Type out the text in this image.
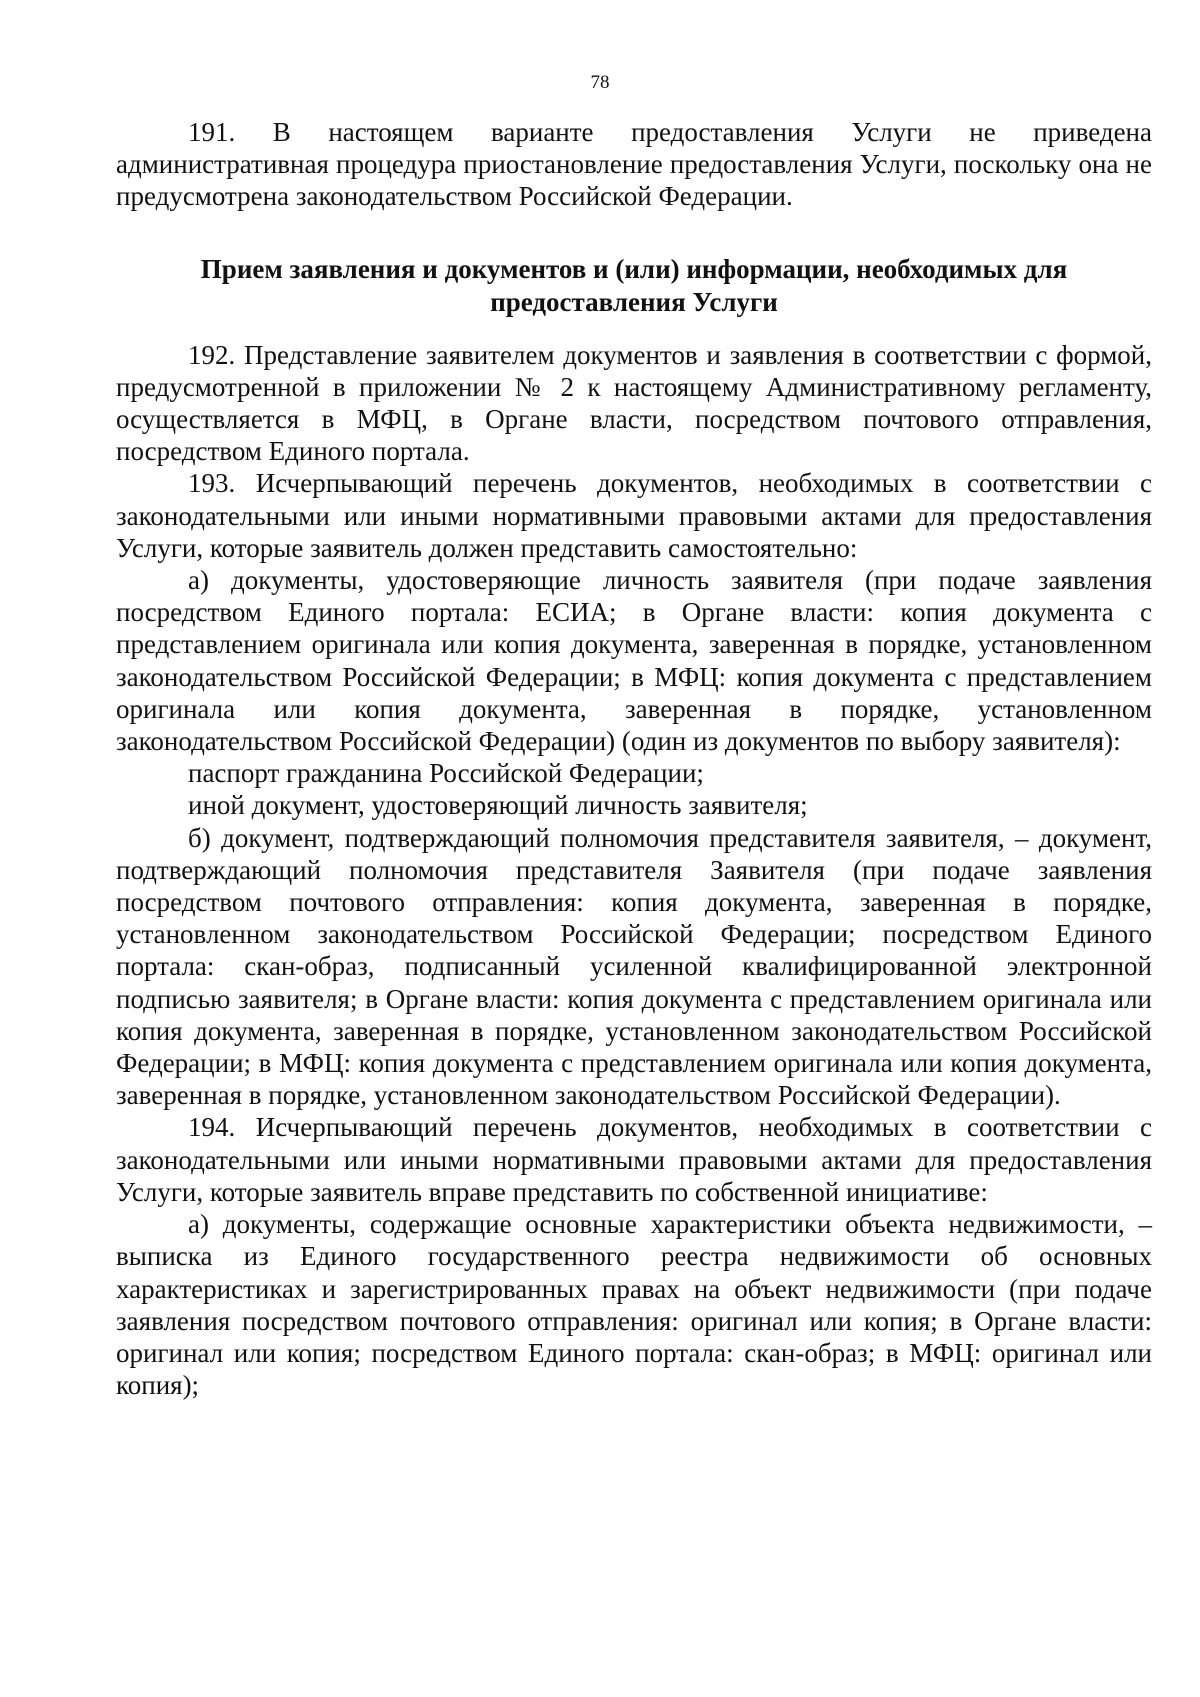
78

191. В настоящем варианте предоставления Услуги не приведена административная процедура приостановление предоставления Услуги, поскольку она не предусмотрена законодательством Российской Федерации.

Прием заявления и документов и (или) информации, необходимых для
предоставления Услуги

192. Представление заявителем документов и заявления в соответствии с формой, предусмотренной в приложении № 2 к настоящему Административному регламенту, осуществляется в МФЦ, в Органе власти, посредством почтового отправления, посредством Единого портала.

193. Исчерпывающий перечень документов, необходимых в соответствии с законодательными или иными нормативными правовыми актами для предоставления Услуги, которые заявитель должен представить самостоятельно:

а) документы, удостоверяющие личность заявителя (при подаче заявления посредством Единого портала: ЕСИА; в Органе власти: копия документа с представлением оригинала или копия документа, заверенная в порядке, установленном законодательством Российской Федерации; в МФЦ: копия документа с представлением оригинала или копия документа, заверенная в порядке, установленном законодательством Российской Федерации) (один из документов по выбору заявителя):

паспорт гражданина Российской Федерации;

иной документ, удостоверяющий личность заявителя;

б) документ, подтверждающий полномочия представителя заявителя, – документ, подтверждающий полномочия представителя Заявителя (при подаче заявления посредством почтового отправления: копия документа, заверенная в порядке, установленном законодательством Российской Федерации; посредством Единого портала: скан-образ, подписанный усиленной квалифицированной электронной подписью заявителя; в Органе власти: копия документа с представлением оригинала или копия документа, заверенная в порядке, установленном законодательством Российской Федерации; в МФЦ: копия документа с представлением оригинала или копия документа, заверенная в порядке, установленном законодательством Российской Федерации).

194. Исчерпывающий перечень документов, необходимых в соответствии с законодательными или иными нормативными правовыми актами для предоставления Услуги, которые заявитель вправе представить по собственной инициативе:

а) документы, содержащие основные характеристики объекта недвижимости, – выписка из Единого государственного реестра недвижимости об основных характеристиках и зарегистрированных правах на объект недвижимости (при подаче заявления посредством почтового отправления: оригинал или копия; в Органе власти: оригинал или копия; посредством Единого портала: скан-образ; в МФЦ: оригинал или копия);
